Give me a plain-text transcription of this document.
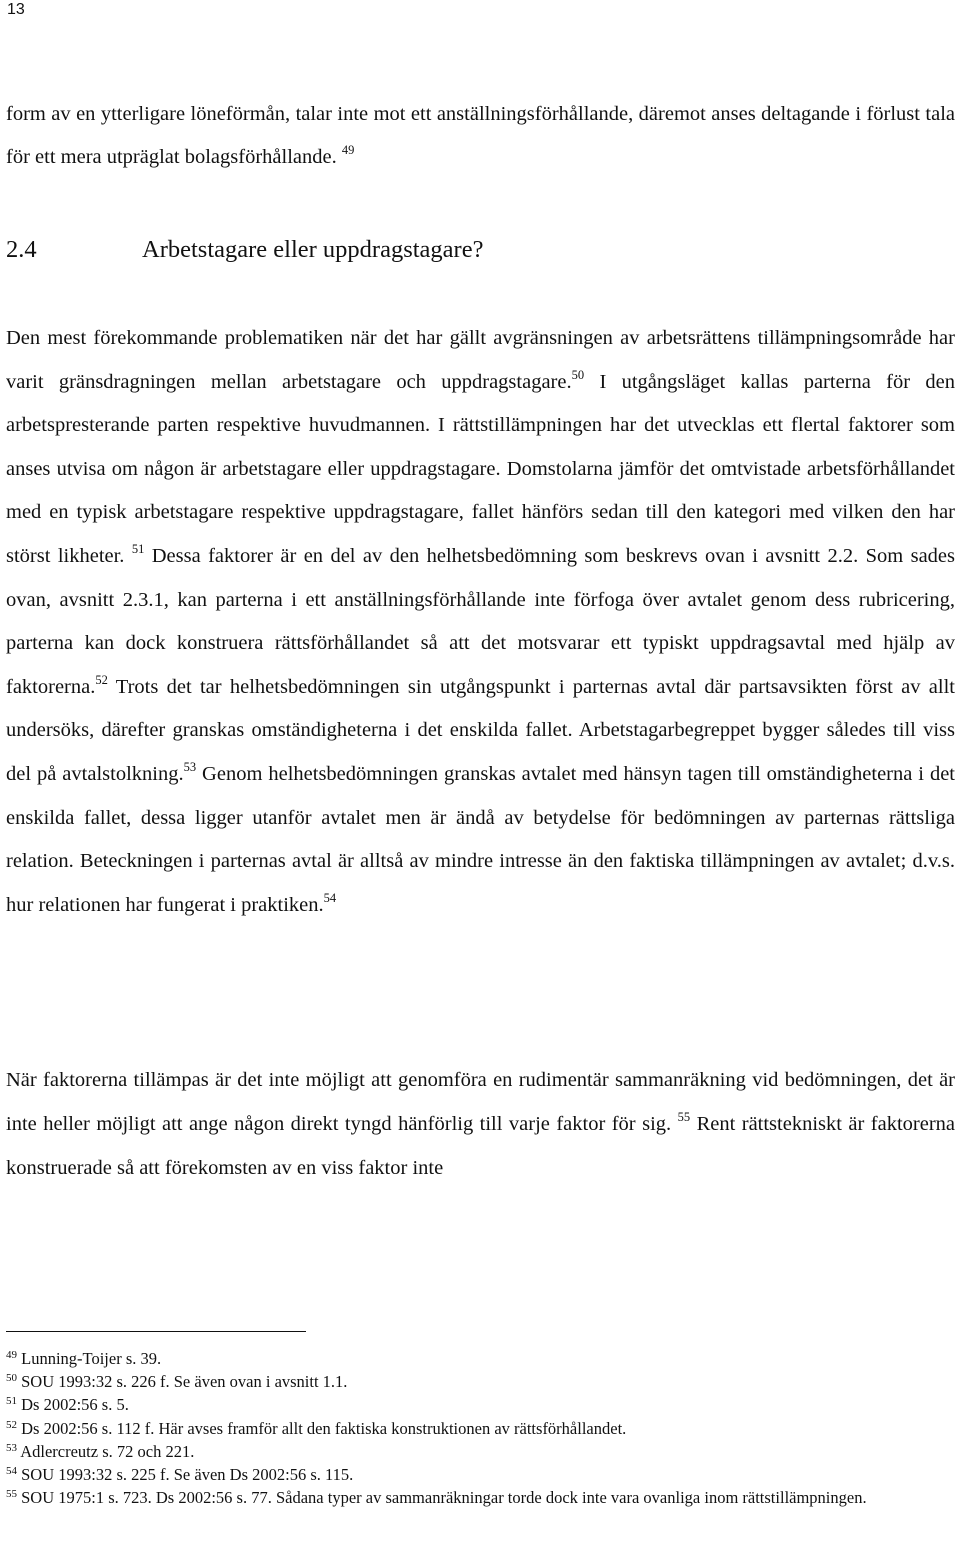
13

form av en ytterligare löneförmån, talar inte mot ett anställningsförhållande, däremot anses deltagande i förlust tala för ett mera utpräglat bolagsförhållande. $^{49}$

2.4	Arbetstagare eller uppdragstagare?

Den mest förekommande problematiken när det har gällt avgränsningen av arbetsrättens tillämpningsområde har varit gränsdragningen mellan arbetstagare och uppdragstagare.$^{50}$ I utgångsläget kallas parterna för den arbetspresterande parten respektive huvudmannen. I rättstillämpningen har det utvecklas ett flertal faktorer som anses utvisa om någon är arbetstagare eller uppdragstagare. Domstolarna jämför det omtvistade arbetsförhållandet med en typisk arbetstagare respektive uppdragstagare, fallet hänförs sedan till den kategori med vilken den har störst likheter. $^{51}$ Dessa faktorer är en del av den helhetsbedömning som beskrevs ovan i avsnitt 2.2. Som sades ovan, avsnitt 2.3.1, kan parterna i ett anställningsförhållande inte förfoga över avtalet genom dess rubricering, parterna kan dock konstruera rättsförhållandet så att det motsvarar ett typiskt uppdragsavtal med hjälp av faktorerna.$^{52}$ Trots det tar helhetsbedömningen sin utgångspunkt i parternas avtal där partsavsikten först av allt undersöks, därefter granskas omständigheterna i det enskilda fallet. Arbetstagarbegreppet bygger således till viss del på avtalstolkning.$^{53}$ Genom helhetsbedömningen granskas avtalet med hänsyn tagen till omständigheterna i det enskilda fallet, dessa ligger utanför avtalet men är ändå av betydelse för bedömningen av parternas rättsliga relation. Beteckningen i parternas avtal är alltså av mindre intresse än den faktiska tillämpningen av avtalet; d.v.s. hur relationen har fungerat i praktiken.$^{54}$

När faktorerna tillämpas är det inte möjligt att genomföra en rudimentär sammanräkning vid bedömningen, det är inte heller möjligt att ange någon direkt tyngd hänförlig till varje faktor för sig. $^{55}$ Rent rättstekniskt är faktorerna konstruerade så att förekomsten av en viss faktor inte

$^{49}$ Lunning-Toijer s. 39.
$^{50}$ SOU 1993:32 s. 226 f. Se även ovan i avsnitt 1.1.
$^{51}$ Ds 2002:56 s. 5.
$^{52}$ Ds 2002:56 s. 112 f. Här avses framför allt den faktiska konstruktionen av rättsförhållandet.
$^{53}$ Adlercreutz s. 72 och 221.
$^{54}$ SOU 1993:32 s. 225 f. Se även Ds 2002:56 s. 115.
$^{55}$ SOU 1975:1 s. 723. Ds 2002:56 s. 77. Sådana typer av sammanräkningar torde dock inte vara ovanliga inom rättstillämpningen.
